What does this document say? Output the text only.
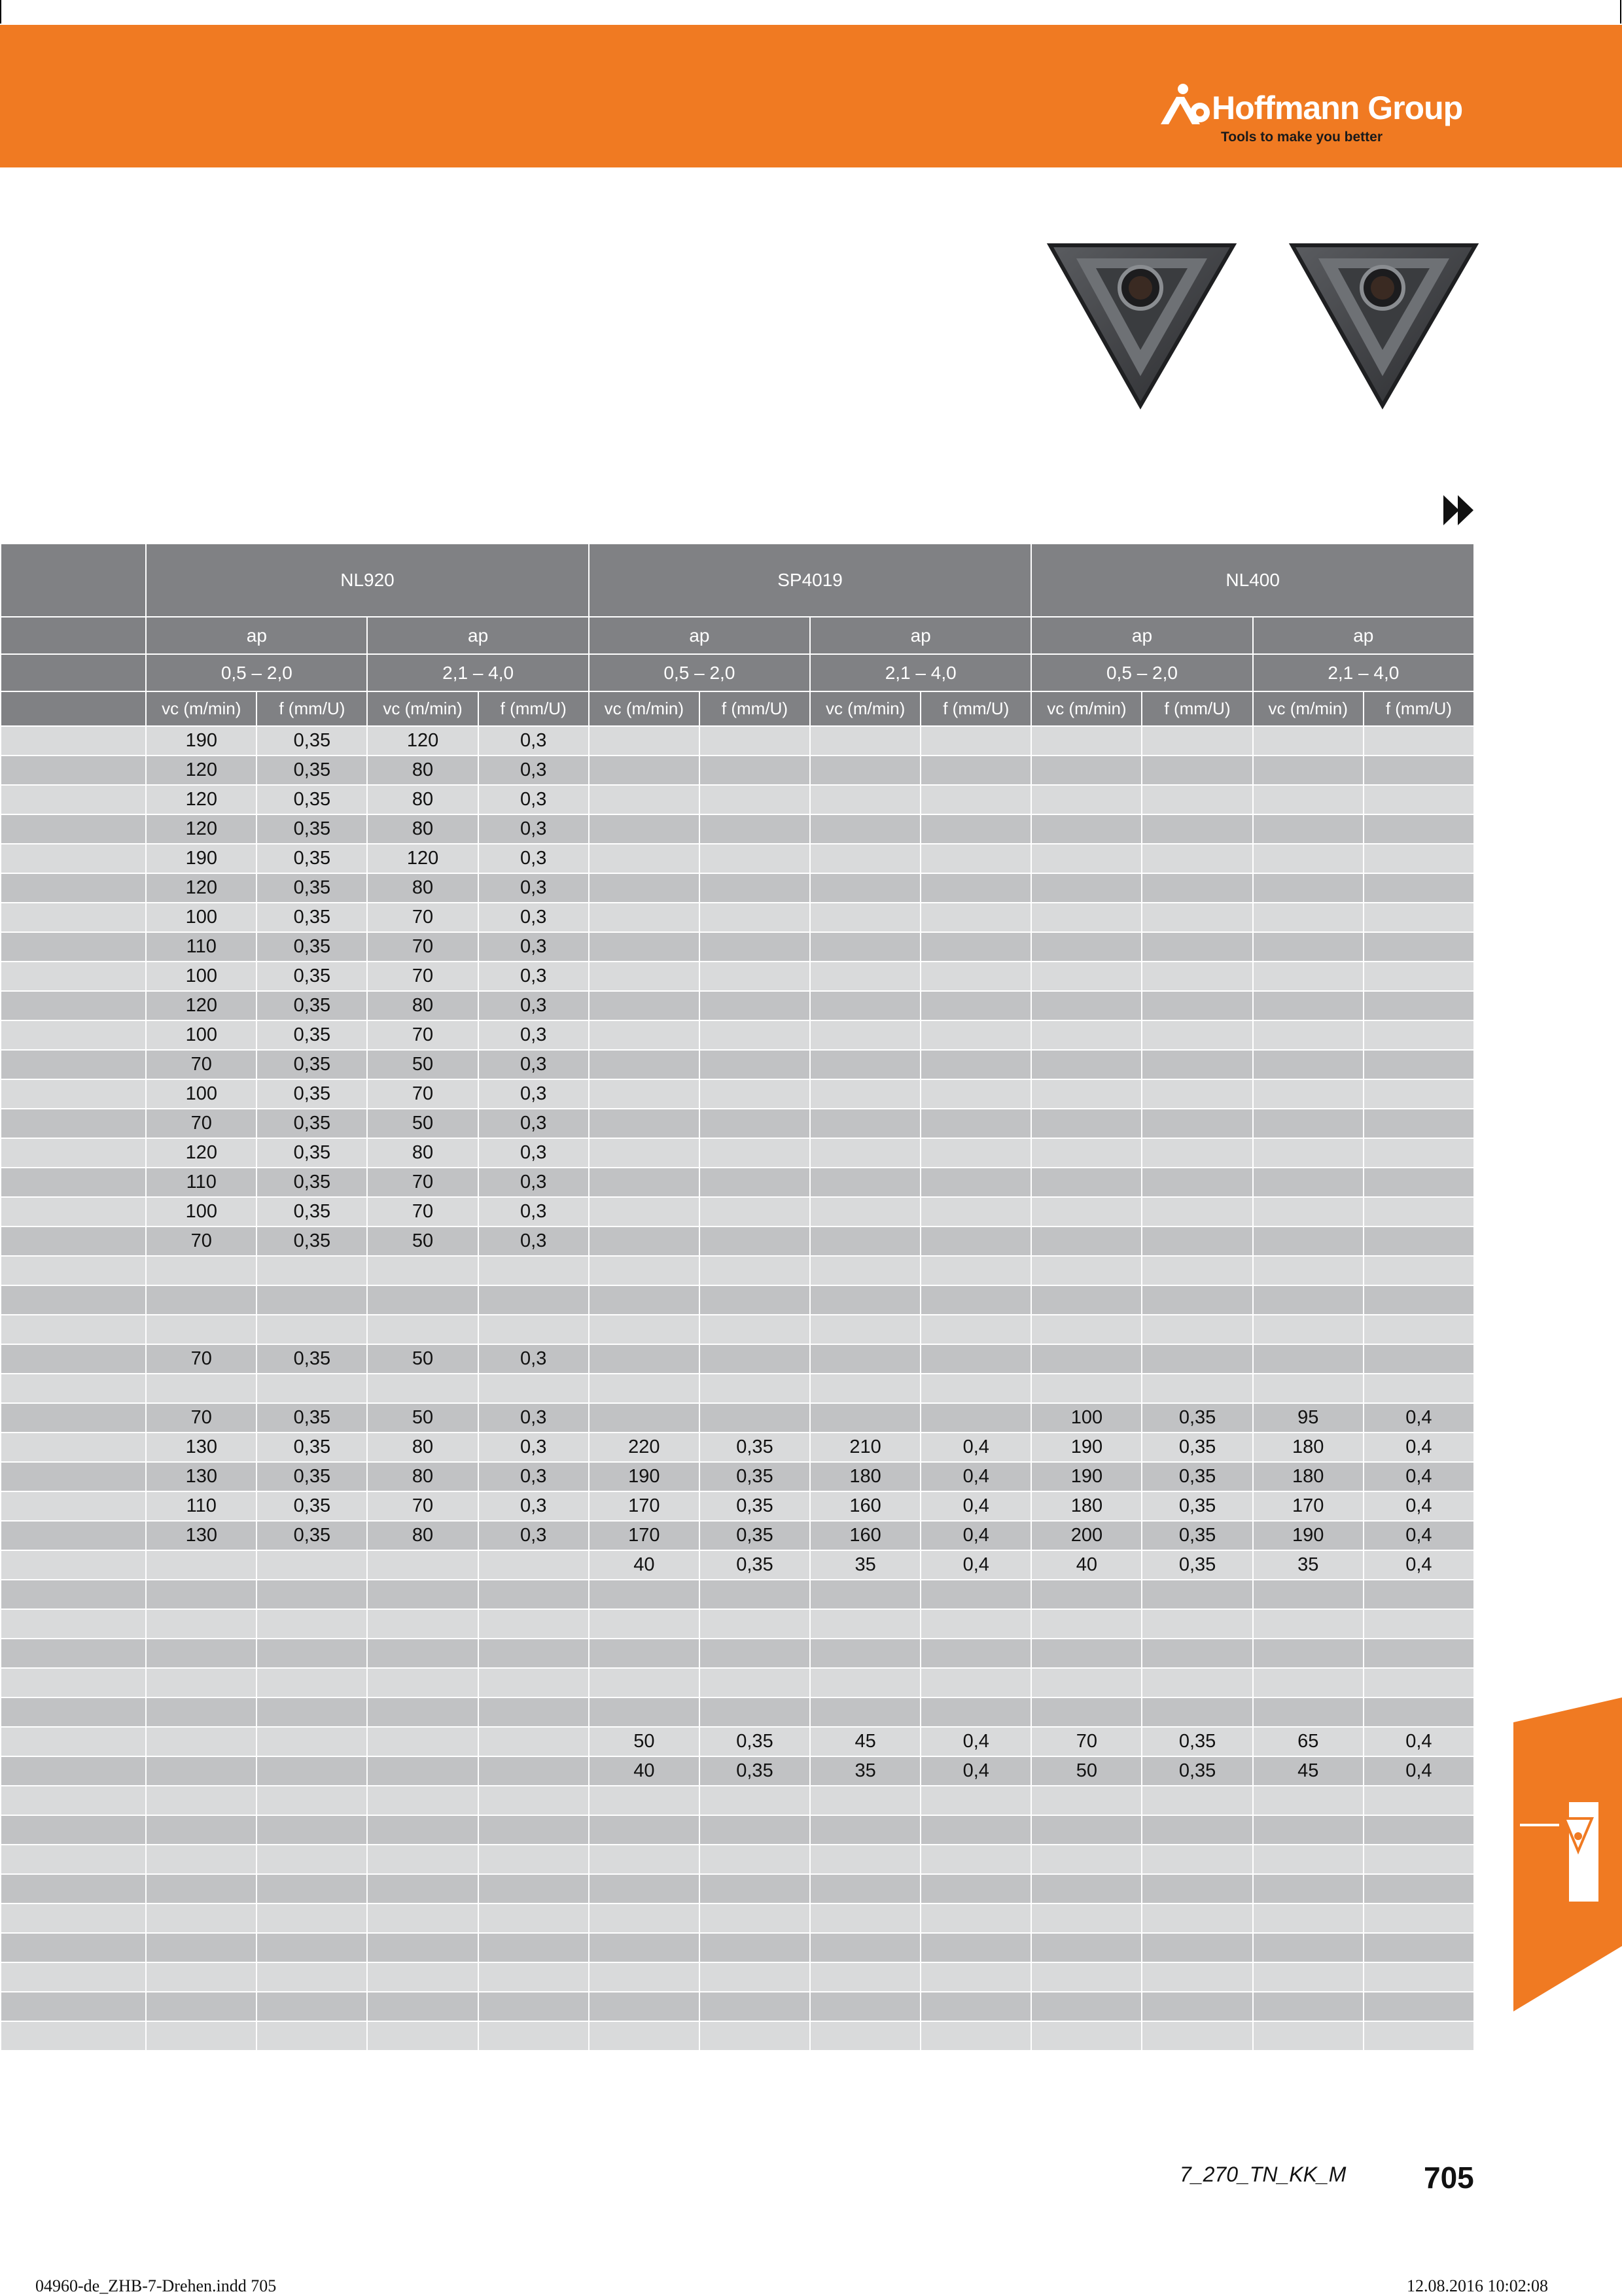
Hoffmann Group
Tools to make you better
	NL920				SP4019				NL400			
	ap		ap		ap		ap		ap		ap	
	0,5 – 2,0		2,1 – 4,0		0,5 – 2,0		2,1 – 4,0		0,5 – 2,0		2,1 – 4,0	
	vc (m/min)	f (mm/U)	vc (m/min)	f (mm/U)	vc (m/min)	f (mm/U)	vc (m/min)	f (mm/U)	vc (m/min)	f (mm/U)	vc (m/min)	f (mm/U)
	190	0,35	120	0,3								
	120	0,35	80	0,3								
	120	0,35	80	0,3								
	120	0,35	80	0,3								
	190	0,35	120	0,3								
	120	0,35	80	0,3								
	100	0,35	70	0,3								
	110	0,35	70	0,3								
	100	0,35	70	0,3								
	120	0,35	80	0,3								
	100	0,35	70	0,3								
	70	0,35	50	0,3								
	100	0,35	70	0,3								
	70	0,35	50	0,3								
	120	0,35	80	0,3								
	110	0,35	70	0,3								
	100	0,35	70	0,3								
	70	0,35	50	0,3								

	70	0,35	50	0,3								

	70	0,35	50	0,3					100	0,35	95	0,4
	130	0,35	80	0,3	220	0,35	210	0,4	190	0,35	180	0,4
	130	0,35	80	0,3	190	0,35	180	0,4	190	0,35	180	0,4
	110	0,35	70	0,3	170	0,35	160	0,4	180	0,35	170	0,4
	130	0,35	80	0,3	170	0,35	160	0,4	200	0,35	190	0,4
					40	0,35	35	0,4	40	0,35	35	0,4

					50	0,35	45	0,4	70	0,35	65	0,4
					40	0,35	35	0,4	50	0,35	45	0,4

7_270_TN_KK_M	705
04960-de_ZHB-7-Drehen.indd 705	12.08.2016 10:02:08
